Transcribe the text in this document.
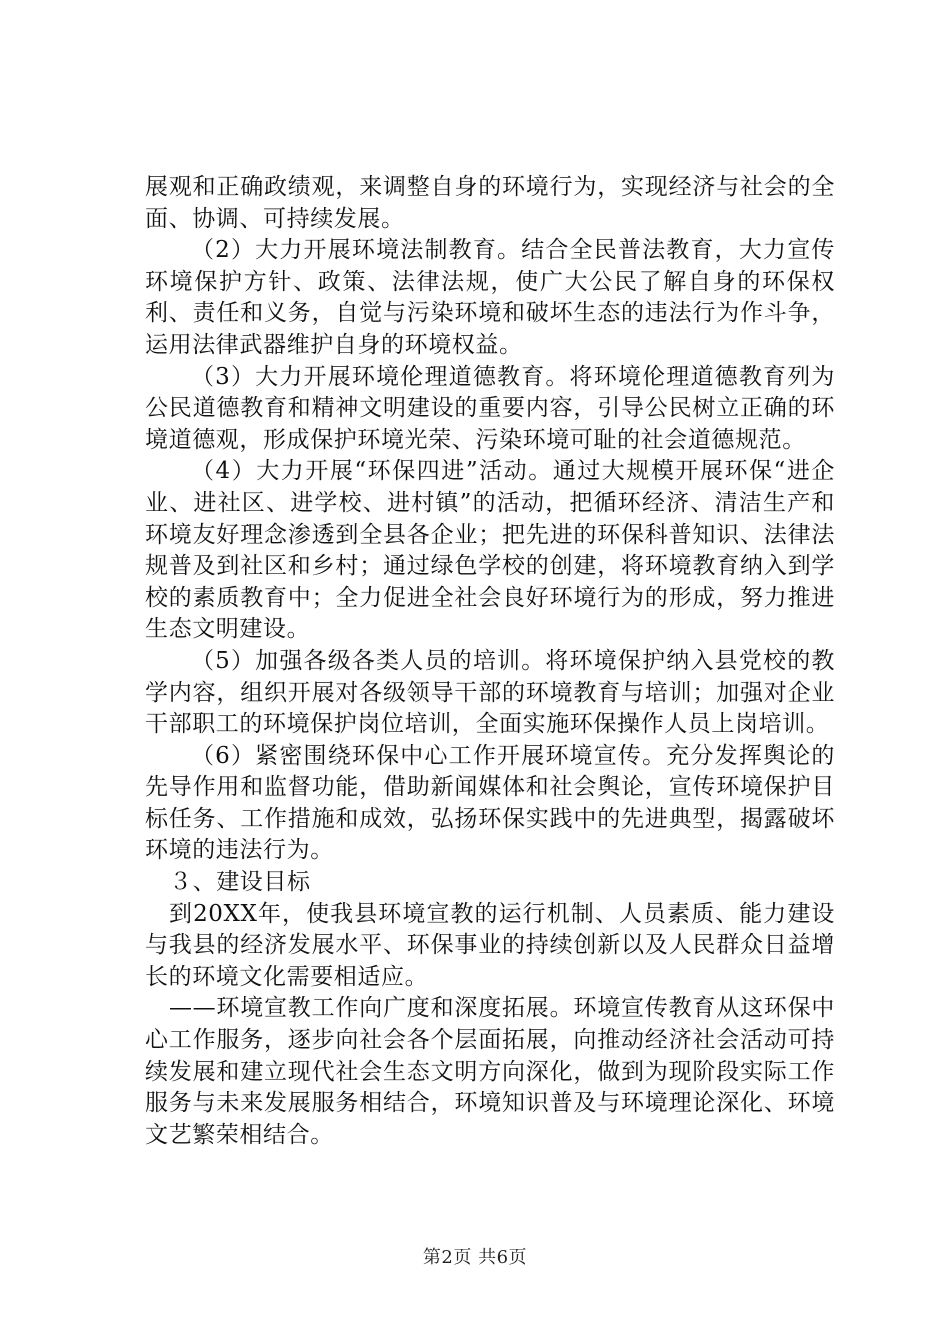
展观和正确政绩观，来调整自身的环境行为，实现经济与社会的全面、协调、可持续发展。

（2）大力开展环境法制教育。结合全民普法教育，大力宣传环境保护方针、政策、法律法规，使广大公民了解自身的环保权利、责任和义务，自觉与污染环境和破坏生态的违法行为作斗争，运用法律武器维护自身的环境权益。

（3）大力开展环境伦理道德教育。将环境伦理道德教育列为公民道德教育和精神文明建设的重要内容，引导公民树立正确的环境道德观，形成保护环境光荣、污染环境可耻的社会道德规范。

（4）大力开展“环保四进”活动。通过大规模开展环保“进企业、进社区、进学校、进村镇”的活动，把循环经济、清洁生产和环境友好理念渗透到全县各企业；把先进的环保科普知识、法律法规普及到社区和乡村；通过绿色学校的创建，将环境教育纳入到学校的素质教育中；全力促进全社会良好环境行为的形成，努力推进生态文明建设。

（5）加强各级各类人员的培训。将环境保护纳入县党校的教学内容，组织开展对各级领导干部的环境教育与培训；加强对企业干部职工的环境保护岗位培训，全面实施环保操作人员上岗培训。

（6）紧密围绕环保中心工作开展环境宣传。充分发挥舆论的先导作用和监督功能，借助新闻媒体和社会舆论，宣传环境保护目标任务、工作措施和成效，弘扬环保实践中的先进典型，揭露破坏环境的违法行为。

３、建设目标

到20XX年，使我县环境宣教的运行机制、人员素质、能力建设与我县的经济发展水平、环保事业的持续创新以及人民群众日益增长的环境文化需要相适应。

——环境宣教工作向广度和深度拓展。环境宣传教育从这环保中心工作服务，逐步向社会各个层面拓展，向推动经济社会活动可持续发展和建立现代社会生态文明方向深化，做到为现阶段实际工作服务与未来发展服务相结合，环境知识普及与环境理论深化、环境文艺繁荣相结合。

第2页 共6页
